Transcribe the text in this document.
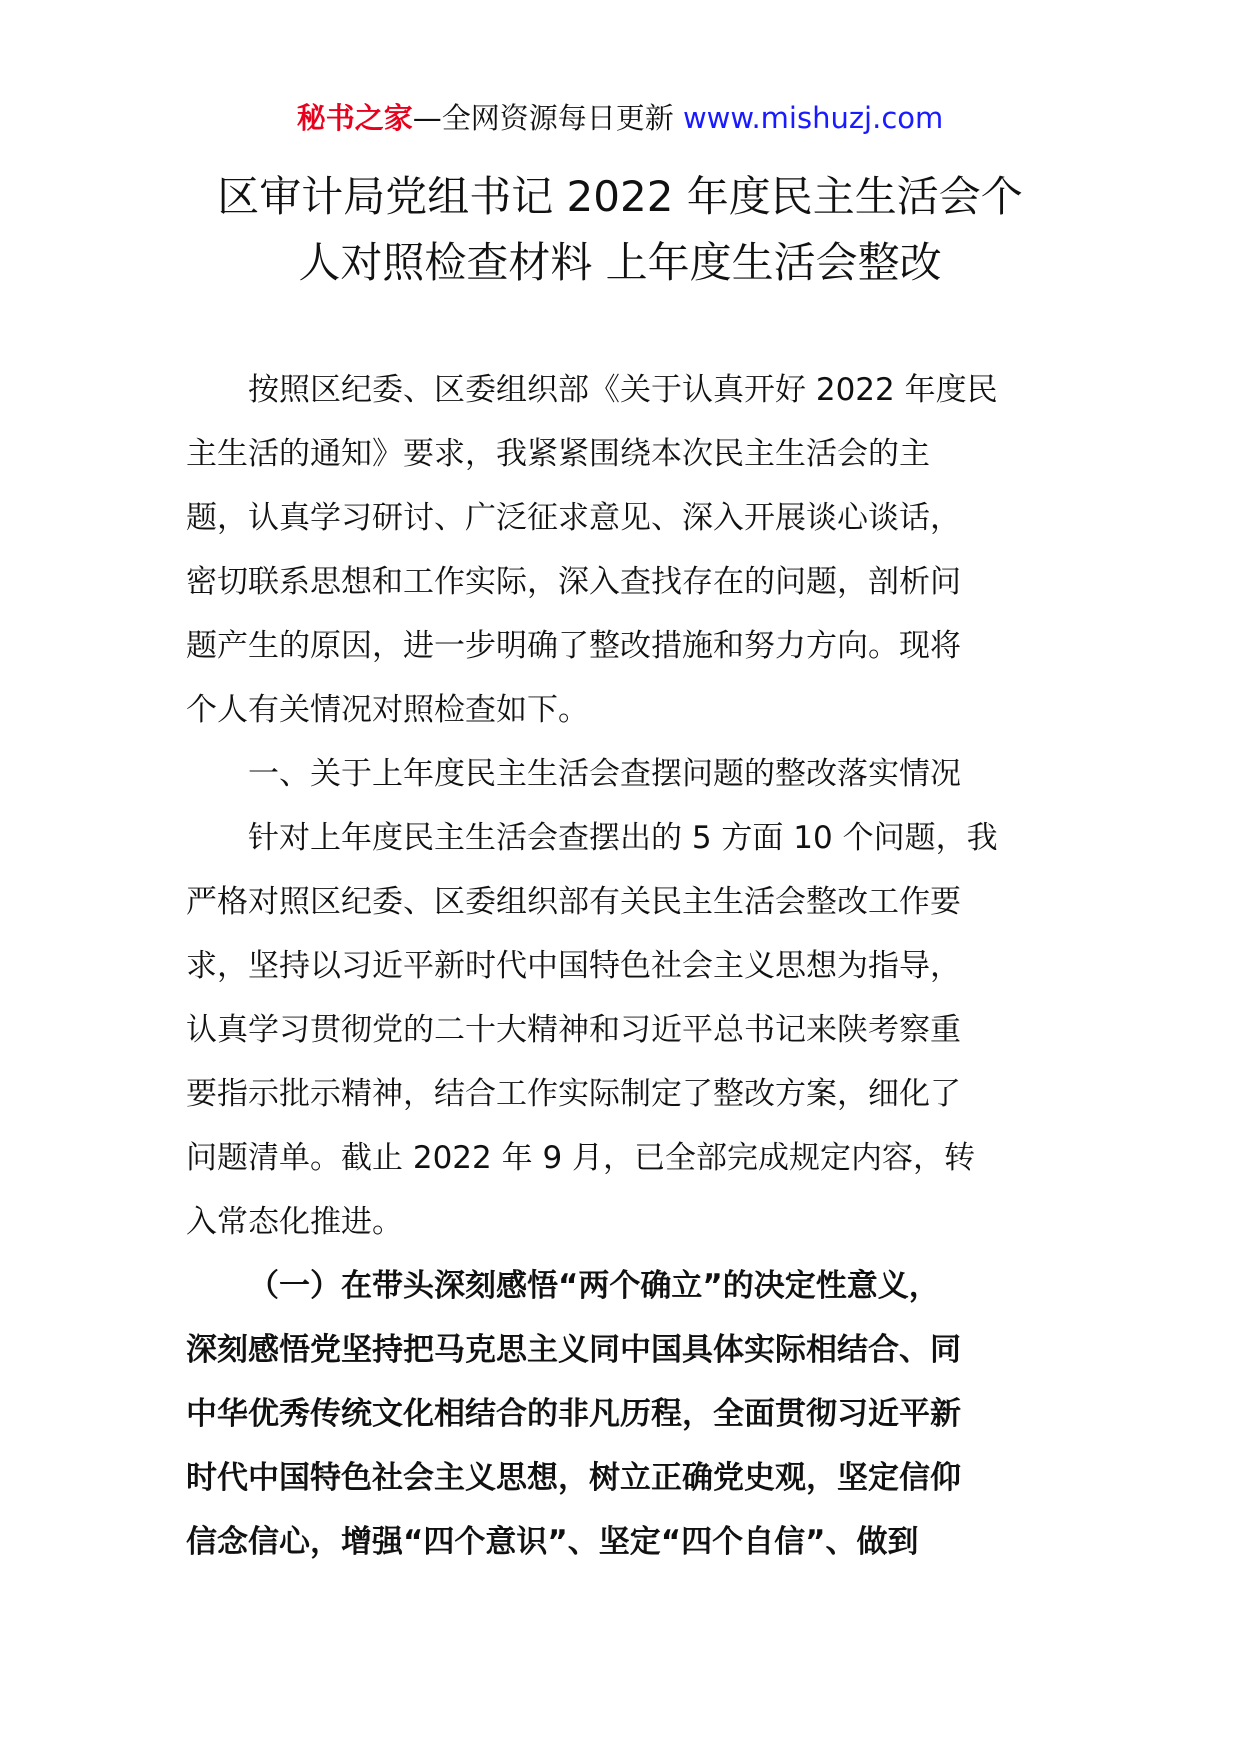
秘书之家—全网资源每日更新 www.mishuzj.com
区审计局党组书记 2022 年度民主生活会个
人对照检查材料 上年度生活会整改
按照区纪委、区委组织部《关于认真开好 2022 年度民
主生活的通知》要求，我紧紧围绕本次民主生活会的主
题，认真学习研讨、广泛征求意见、深入开展谈心谈话，
密切联系思想和工作实际，深入查找存在的问题，剖析问
题产生的原因，进一步明确了整改措施和努力方向。现将
个人有关情况对照检查如下。
一、关于上年度民主生活会查摆问题的整改落实情况
针对上年度民主生活会查摆出的 5 方面 10 个问题，我
严格对照区纪委、区委组织部有关民主生活会整改工作要
求，坚持以习近平新时代中国特色社会主义思想为指导，
认真学习贯彻党的二十大精神和习近平总书记来陕考察重
要指示批示精神，结合工作实际制定了整改方案，细化了
问题清单。截止 2022 年 9 月，已全部完成规定内容，转
入常态化推进。
（一）在带头深刻感悟“两个确立”的决定性意义，
深刻感悟党坚持把马克思主义同中国具体实际相结合、同
中华优秀传统文化相结合的非凡历程，全面贯彻习近平新
时代中国特色社会主义思想，树立正确党史观，坚定信仰
信念信心，增强“四个意识”、坚定“四个自信”、做到
